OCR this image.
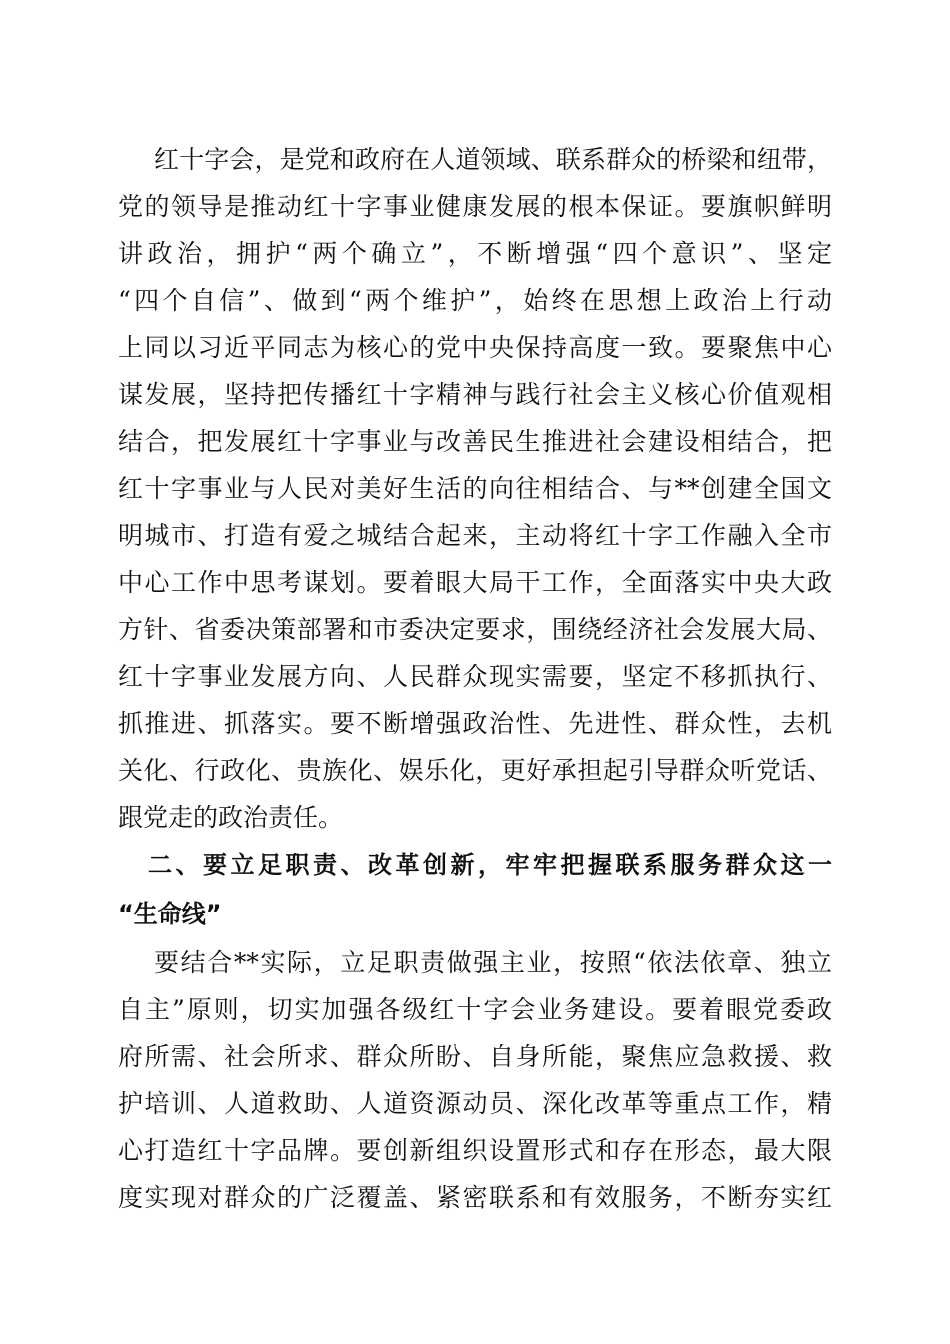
红十字会，是党和政府在人道领域、联系群众的桥梁和纽带，
党的领导是推动红十字事业健康发展的根本保证。要旗帜鲜明
讲政治，拥护“两个确立”，不断增强“四个意识”、坚定
“四个自信”、做到“两个维护”，始终在思想上政治上行动
上同以习近平同志为核心的党中央保持高度一致。要聚焦中心
谋发展，坚持把传播红十字精神与践行社会主义核心价值观相
结合，把发展红十字事业与改善民生推进社会建设相结合，把
红十字事业与人民对美好生活的向往相结合、与**创建全国文
明城市、打造有爱之城结合起来，主动将红十字工作融入全市
中心工作中思考谋划。要着眼大局干工作，全面落实中央大政
方针、省委决策部署和市委决定要求，围绕经济社会发展大局、
红十字事业发展方向、人民群众现实需要，坚定不移抓执行、
抓推进、抓落实。要不断增强政治性、先进性、群众性，去机
关化、行政化、贵族化、娱乐化，更好承担起引导群众听党话、
跟党走的政治责任。
二、要立足职责、改革创新，牢牢把握联系服务群众这一
“生命线”
要结合**实际，立足职责做强主业，按照“依法依章、独立
自主”原则，切实加强各级红十字会业务建设。要着眼党委政
府所需、社会所求、群众所盼、自身所能，聚焦应急救援、救
护培训、人道救助、人道资源动员、深化改革等重点工作，精
心打造红十字品牌。要创新组织设置形式和存在形态，最大限
度实现对群众的广泛覆盖、紧密联系和有效服务，不断夯实红
